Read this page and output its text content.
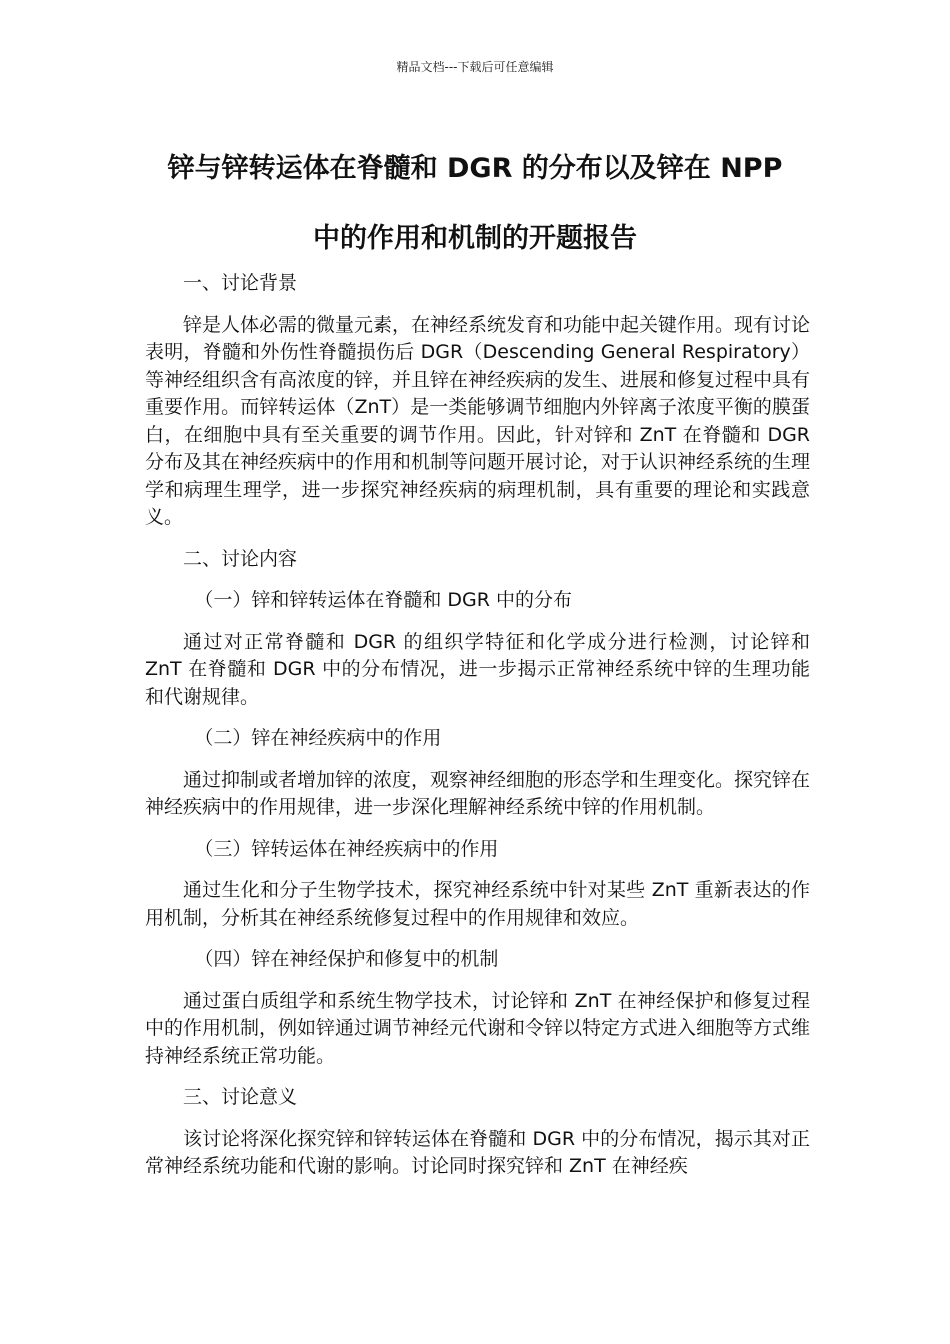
精品文档---下载后可任意编辑
锌与锌转运体在脊髓和 DGR 的分布以及锌在 NPP
中的作用和机制的开题报告
一、讨论背景

锌是人体必需的微量元素，在神经系统发育和功能中起关键作用。现有讨论表明，脊髓和外伤性脊髓损伤后 DGR（Descending General Respiratory）等神经组织含有高浓度的锌，并且锌在神经疾病的发生、进展和修复过程中具有重要作用。而锌转运体（ZnT）是一类能够调节细胞内外锌离子浓度平衡的膜蛋白，在细胞中具有至关重要的调节作用。因此，针对锌和 ZnT 在脊髓和 DGR 分布及其在神经疾病中的作用和机制等问题开展讨论，对于认识神经系统的生理学和病理生理学，进一步探究神经疾病的病理机制，具有重要的理论和实践意义。

二、讨论内容
（一）锌和锌转运体在脊髓和 DGR 中的分布

通过对正常脊髓和 DGR 的组织学特征和化学成分进行检测，讨论锌和 ZnT 在脊髓和 DGR 中的分布情况，进一步揭示正常神经系统中锌的生理功能和代谢规律。

（二）锌在神经疾病中的作用

通过抑制或者增加锌的浓度，观察神经细胞的形态学和生理变化。探究锌在神经疾病中的作用规律，进一步深化理解神经系统中锌的作用机制。

（三）锌转运体在神经疾病中的作用

通过生化和分子生物学技术，探究神经系统中针对某些 ZnT 重新表达的作用机制，分析其在神经系统修复过程中的作用规律和效应。

（四）锌在神经保护和修复中的机制

通过蛋白质组学和系统生物学技术，讨论锌和 ZnT 在神经保护和修复过程中的作用机制，例如锌通过调节神经元代谢和令锌以特定方式进入细胞等方式维持神经系统正常功能。

三、讨论意义

该讨论将深化探究锌和锌转运体在脊髓和 DGR 中的分布情况，揭示其对正常神经系统功能和代谢的影响。讨论同时探究锌和 ZnT 在神经疾
